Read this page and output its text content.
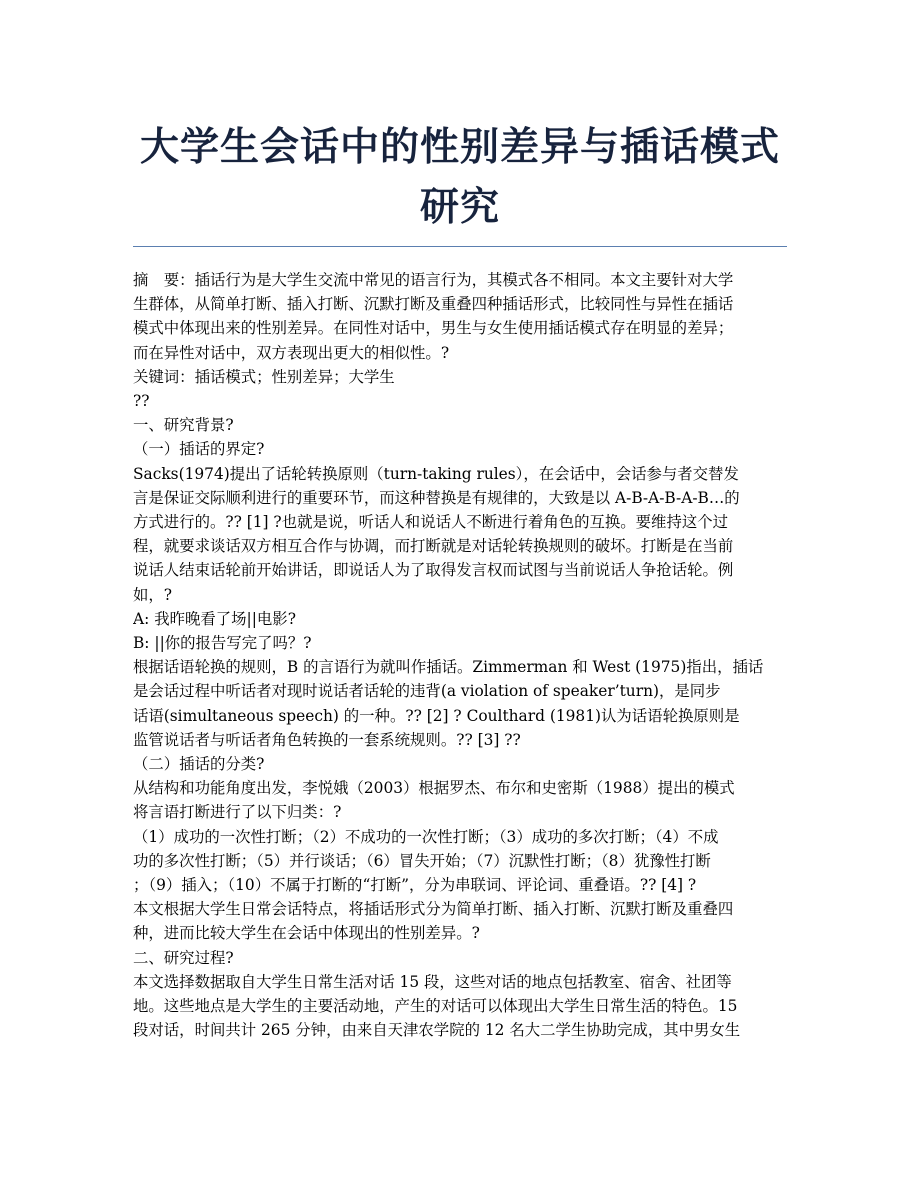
大学生会话中的性别差异与插话模式研究

摘　要：插话行为是大学生交流中常见的语言行为，其模式各不相同。本文主要针对大学

生群体，从简单打断、插入打断、沉默打断及重叠四种插话形式，比较同性与异性在插话

模式中体现出来的性别差异。在同性对话中，男生与女生使用插话模式存在明显的差异；

而在异性对话中，双方表现出更大的相似性。?

关键词：插话模式；性别差异；大学生

??

一、研究背景?

（一）插话的界定?

Sacks(1974)提出了话轮转换原则（turn-taking rules），在会话中，会话参与者交替发

言是保证交际顺利进行的重要环节，而这种替换是有规律的，大致是以 A-B-A-B-A-B…的

方式进行的。?? [1] ?也就是说，听话人和说话人不断进行着角色的互换。要维持这个过

程，就要求谈话双方相互合作与协调，而打断就是对话轮转换规则的破坏。打断是在当前

说话人结束话轮前开始讲话，即说话人为了取得发言权而试图与当前说话人争抢话轮。例

如，?

A: 我昨晚看了场||电影?

B: ||你的报告写完了吗？?

根据话语轮换的规则，B 的言语行为就叫作插话。Zimmerman 和 West (1975)指出，插话

是会话过程中听话者对现时说话者话轮的违背(a violation of speaker’turn)，是同步

话语(simultaneous speech) 的一种。?? [2] ? Coulthard (1981)认为话语轮换原则是

监管说话者与听话者角色转换的一套系统规则。?? [3] ??

（二）插话的分类?

从结构和功能角度出发，李悦娥（2003）根据罗杰、布尔和史密斯（1988）提出的模式

将言语打断进行了以下归类：?

（1）成功的一次性打断；（2）不成功的一次性打断；（3）成功的多次打断；（4）不成

功的多次性打断；（5）并行谈话；（6）冒失开始；（7）沉默性打断；（8）犹豫性打断

；（9）插入；（10）不属于打断的“打断”，分为串联词、评论词、重叠语。?? [4] ?

本文根据大学生日常会话特点，将插话形式分为简单打断、插入打断、沉默打断及重叠四

种，进而比较大学生在会话中体现出的性别差异。?

二、研究过程?

本文选择数据取自大学生日常生活对话 15 段，这些对话的地点包括教室、宿舍、社团等

地。这些地点是大学生的主要活动地，产生的对话可以体现出大学生日常生活的特色。15

段对话，时间共计 265 分钟，由来自天津农学院的 12 名大二学生协助完成，其中男女生
